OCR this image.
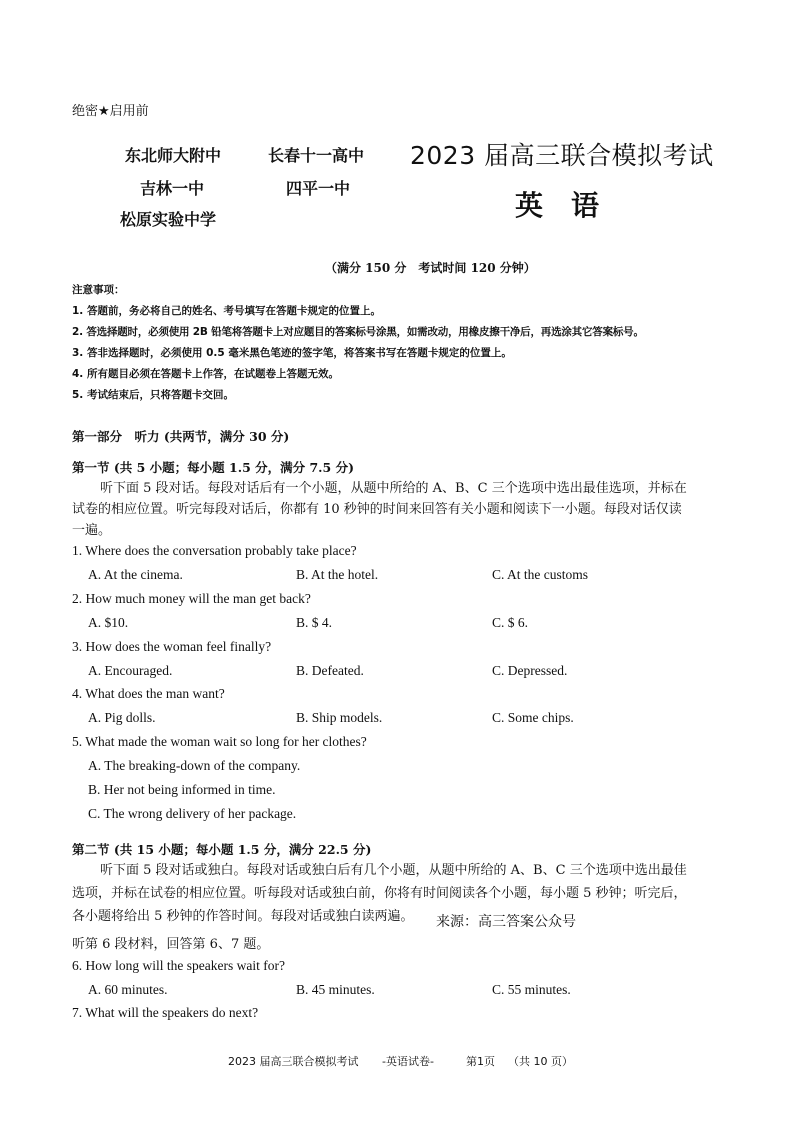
绝密★启用前
东北师大附中	长春十一高中
吉林一中	四平一中
松原实验中学
2023 届高三联合模拟考试
英　语
（满分 150 分　考试时间 120 分钟）
注意事项：
1. 答题前，务必将自己的姓名、考号填写在答题卡规定的位置上。
2. 答选择题时，必须使用 2B 铅笔将答题卡上对应题目的答案标号涂黑，如需改动，用橡皮擦干净后，再选涂其它答案标号。
3. 答非选择题时，必须使用 0.5 毫米黑色笔迹的签字笔，将答案书写在答题卡规定的位置上。
4. 所有题目必须在答题卡上作答，在试题卷上答题无效。
5. 考试结束后，只将答题卡交回。
第一部分　听力 (共两节，满分 30 分)
第一节 (共 5 小题；每小题 1.5 分，满分 7.5 分)
听下面 5 段对话。每段对话后有一个小题，从题中所给的 A、B、C 三个选项中选出最佳选项，并标在
试卷的相应位置。听完每段对话后，你都有 10 秒钟的时间来回答有关小题和阅读下一小题。每段对话仅读
一遍。
1. Where does the conversation probably take place?
A. At the cinema.	B. At the hotel.	C. At the customs
2. How much money will the man get back?
A. $10.	B. $ 4.	C. $ 6.
3. How does the woman feel finally?
A. Encouraged.	B. Defeated.	C. Depressed.
4. What does the man want?
A. Pig dolls.	B. Ship models.	C. Some chips.
5. What made the woman wait so long for her clothes?
A. The breaking-down of the company.
B. Her not being informed in time.
C. The wrong delivery of her package.
第二节 (共 15 小题；每小题 1.5 分，满分 22.5 分)
听下面 5 段对话或独白。每段对话或独白后有几个小题，从题中所给的 A、B、C 三个选项中选出最佳
选项，并标在试卷的相应位置。听每段对话或独白前，你将有时间阅读各个小题，每小题 5 秒钟；听完后，
各小题将给出 5 秒钟的作答时间。每段对话或独白读两遍。 来源：高三答案公众号
听第 6 段材料，回答第 6、7 题。
6. How long will the speakers wait for?
A. 60 minutes.	B. 45 minutes.	C. 55 minutes.
7. What will the speakers do next?
2023 届高三联合模拟考试 -英语试卷-	第1页 （共 10 页）
